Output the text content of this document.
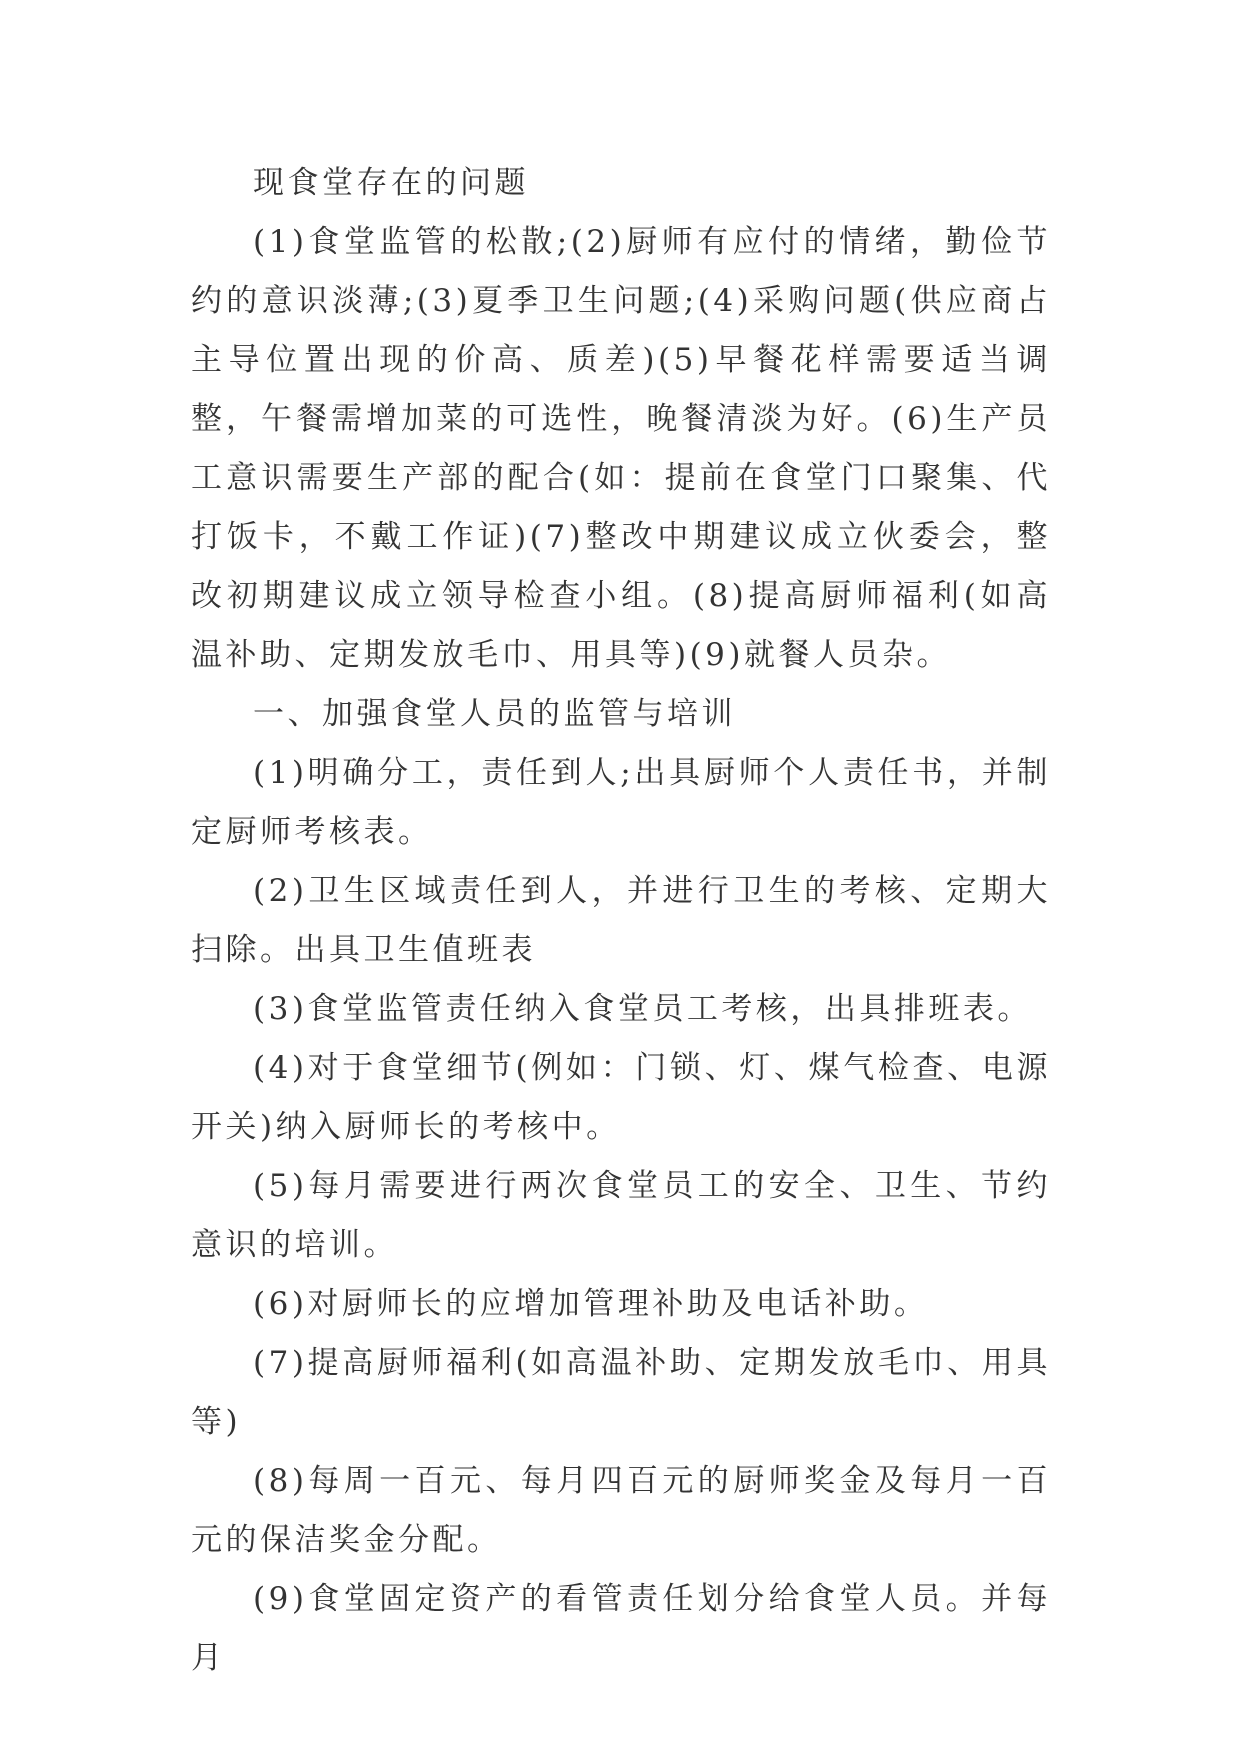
现食堂存在的问题

(1)食堂监管的松散;(2)厨师有应付的情绪，勤俭节约的意识淡薄;(3)夏季卫生问题;(4)采购问题(供应商占主导位置出现的价高、质差)(5)早餐花样需要适当调整，午餐需增加菜的可选性，晚餐清淡为好。(6)生产员工意识需要生产部的配合(如：提前在食堂门口聚集、代打饭卡，不戴工作证)(7)整改中期建议成立伙委会，整改初期建议成立领导检查小组。(8)提高厨师福利(如高温补助、定期发放毛巾、用具等)(9)就餐人员杂。

一、加强食堂人员的监管与培训

(1)明确分工，责任到人;出具厨师个人责任书，并制定厨师考核表。

(2)卫生区域责任到人，并进行卫生的考核、定期大扫除。出具卫生值班表

(3)食堂监管责任纳入食堂员工考核，出具排班表。

(4)对于食堂细节(例如：门锁、灯、煤气检查、电源开关)纳入厨师长的考核中。

(5)每月需要进行两次食堂员工的安全、卫生、节约意识的培训。

(6)对厨师长的应增加管理补助及电话补助。

(7)提高厨师福利(如高温补助、定期发放毛巾、用具等)

(8)每周一百元、每月四百元的厨师奖金及每月一百元的保洁奖金分配。

(9)食堂固定资产的看管责任划分给食堂人员。并每月
